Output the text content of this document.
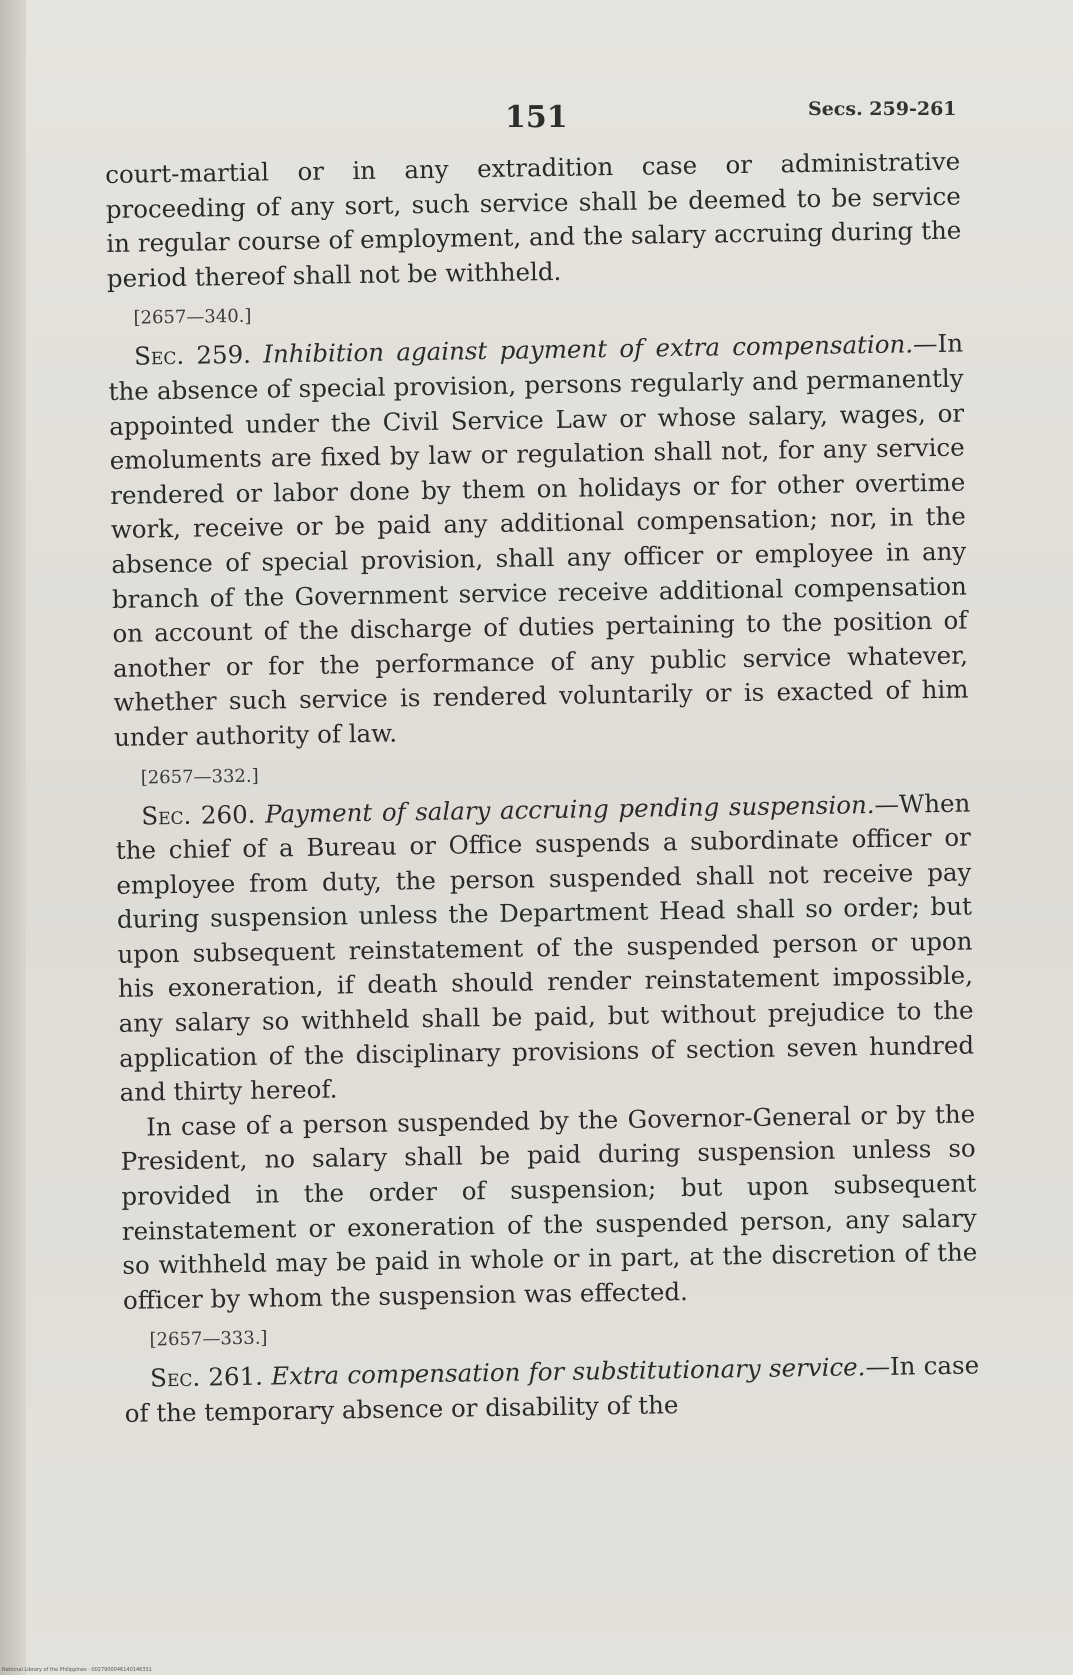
151	Secs. 259-261

court-martial or in any extradition case or administrative proceeding of any sort, such service shall be deemed to be service in regular course of employment, and the salary accruing during the period thereof shall not be withheld.

[2657—340.]

Sec. 259. Inhibition against payment of extra compensation.—In the absence of special provision, persons regularly and permanently appointed under the Civil Service Law or whose salary, wages, or emoluments are fixed by law or regulation shall not, for any service rendered or labor done by them on holidays or for other overtime work, receive or be paid any additional compensation; nor, in the absence of special provision, shall any officer or employee in any branch of the Government service receive additional compensation on account of the discharge of duties pertaining to the position of another or for the performance of any public service whatever, whether such service is rendered voluntarily or is exacted of him under authority of law.

[2657—332.]

Sec. 260. Payment of salary accruing pending suspension.—When the chief of a Bureau or Office suspends a subordinate officer or employee from duty, the person suspended shall not receive pay during suspension unless the Department Head shall so order; but upon subsequent reinstatement of the suspended person or upon his exoneration, if death should render reinstatement impossible, any salary so withheld shall be paid, but without prejudice to the application of the disciplinary provisions of section seven hundred and thirty hereof.

In case of a person suspended by the Governor-General or by the President, no salary shall be paid during suspension unless so provided in the order of suspension; but upon subsequent reinstatement or exoneration of the suspended person, any salary so withheld may be paid in whole or in part, at the discretion of the officer by whom the suspension was effected.

[2657—333.]

Sec. 261. Extra compensation for substitutionary service.—In case of the temporary absence or disability of the

National Library of the Philippines · 0027900046140146331
